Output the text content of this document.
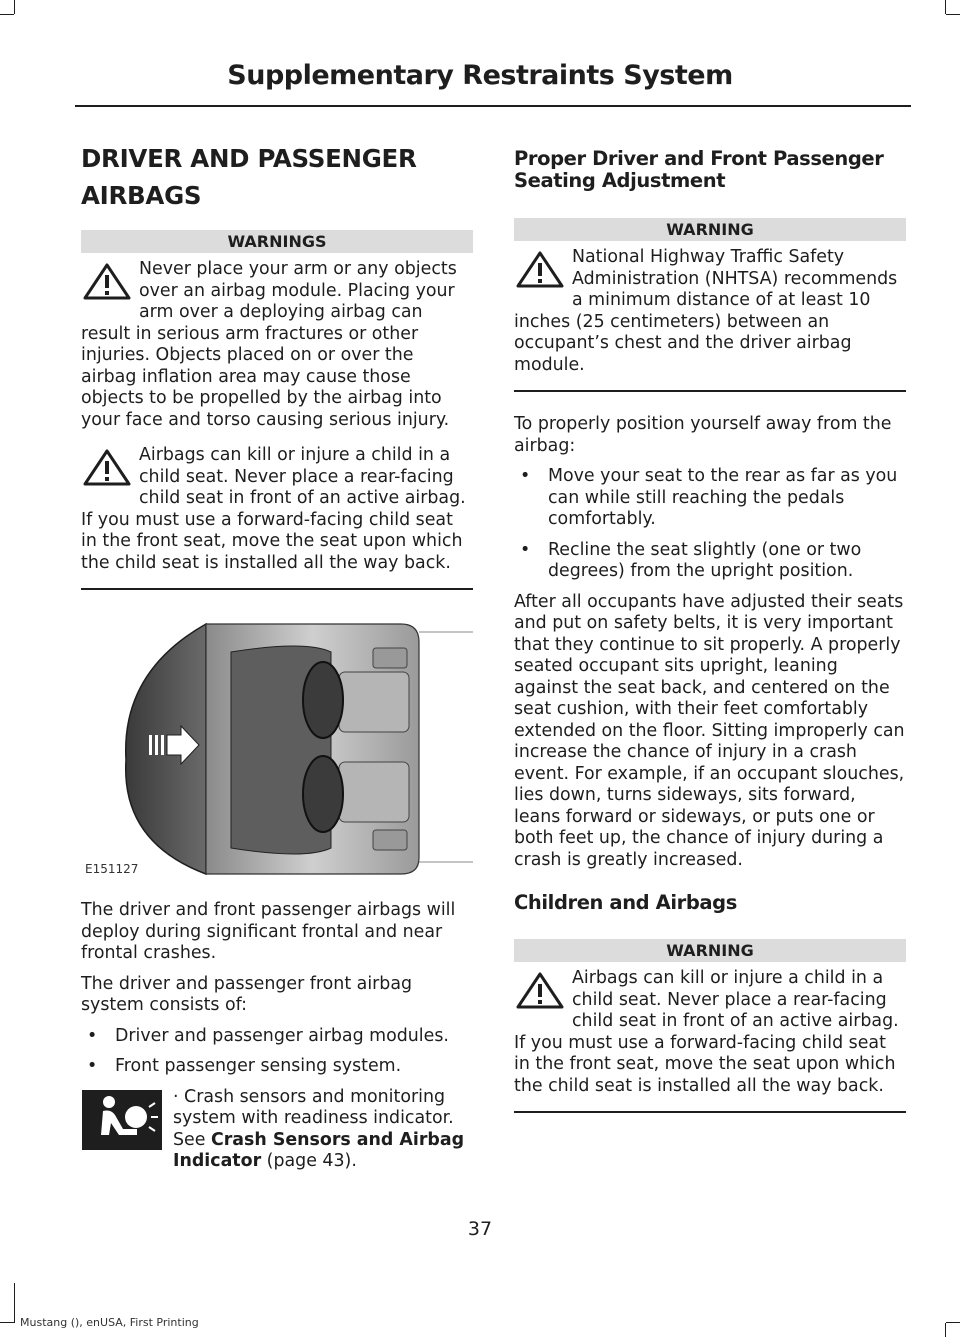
Supplementary Restraints System
DRIVER AND PASSENGER
AIRBAGS
WARNINGS
Never place your arm or any objects over an airbag module. Placing your arm over a deploying airbag can result in serious arm fractures or other injuries. Objects placed on or over the airbag inflation area may cause those objects to be propelled by the airbag into your face and torso causing serious injury.
Airbags can kill or injure a child in a child seat. Never place a rear-facing child seat in front of an active airbag. If you must use a forward-facing child seat in the front seat, move the seat upon which the child seat is installed all the way back.
E151127

The driver and front passenger airbags will deploy during significant frontal and near frontal crashes.

The driver and passenger front airbag system consists of:

• Driver and passenger airbag modules.
• Front passenger sensing system.
· Crash sensors and monitoring system with readiness indicator. See Crash Sensors and Airbag Indicator (page 43).
Proper Driver and Front Passenger Seating Adjustment
WARNING
National Highway Traffic Safety Administration (NHTSA) recommends a minimum distance of at least 10 inches (25 centimeters) between an occupant’s chest and the driver airbag module.

To properly position yourself away from the airbag:

• Move your seat to the rear as far as you can while still reaching the pedals comfortably.
• Recline the seat slightly (one or two degrees) from the upright position.

After all occupants have adjusted their seats and put on safety belts, it is very important that they continue to sit properly. A properly seated occupant sits upright, leaning against the seat back, and centered on the seat cushion, with their feet comfortably extended on the floor. Sitting improperly can increase the chance of injury in a crash event. For example, if an occupant slouches, lies down, turns sideways, sits forward, leans forward or sideways, or puts one or both feet up, the chance of injury during a crash is greatly increased.

Children and Airbags
WARNING
Airbags can kill or injure a child in a child seat. Never place a rear-facing child seat in front of an active airbag. If you must use a forward-facing child seat in the front seat, move the seat upon which the child seat is installed all the way back.
37
Mustang (), enUSA, First Printing
